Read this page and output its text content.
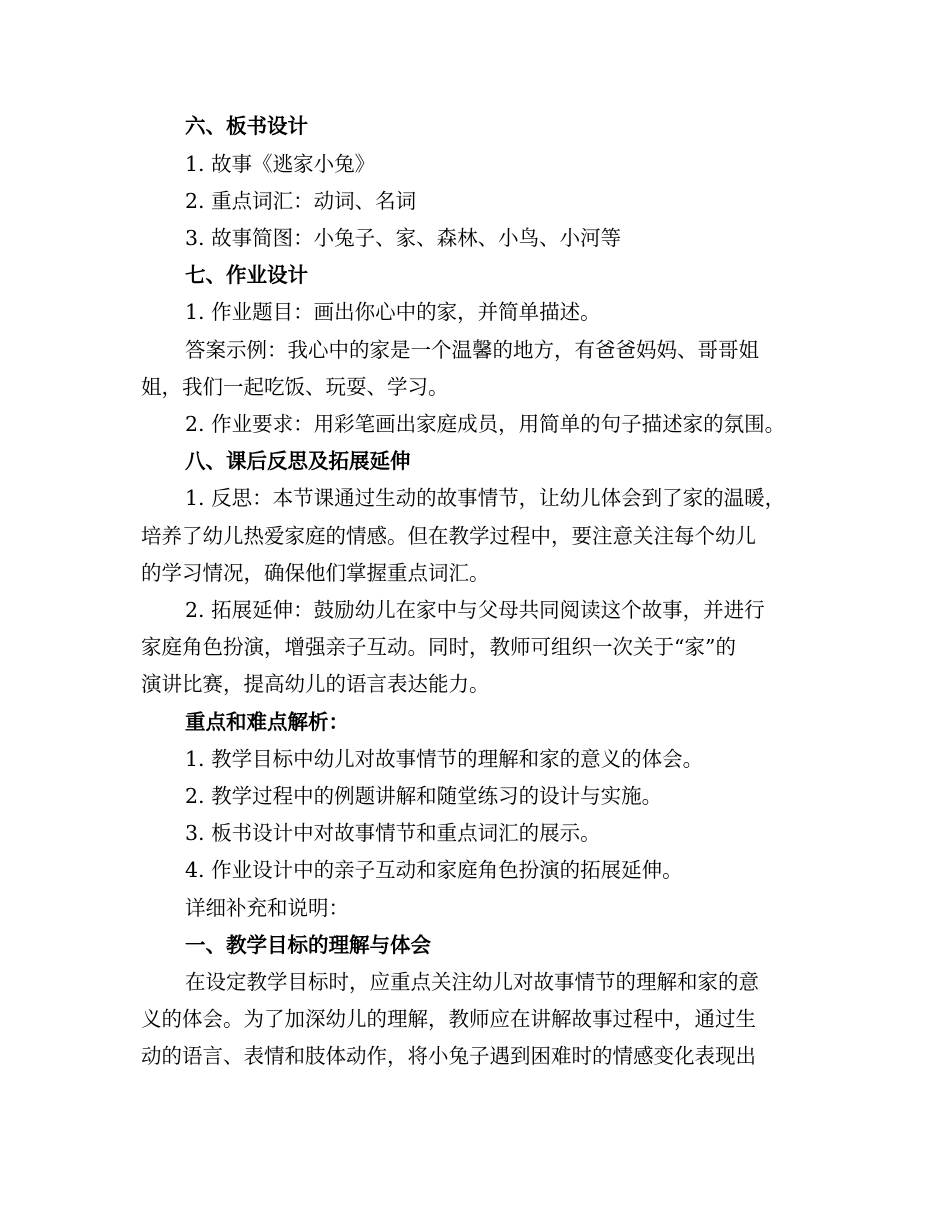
六、板书设计

1. 故事《逃家小兔》

2. 重点词汇：动词、名词

3. 故事简图：小兔子、家、森林、小鸟、小河等

七、作业设计

1. 作业题目：画出你心中的家，并简单描述。

答案示例：我心中的家是一个温馨的地方，有爸爸妈妈、哥哥姐

姐，我们一起吃饭、玩耍、学习。

2. 作业要求：用彩笔画出家庭成员，用简单的句子描述家的氛围。

八、课后反思及拓展延伸

1. 反思：本节课通过生动的故事情节，让幼儿体会到了家的温暖，

培养了幼儿热爱家庭的情感。但在教学过程中，要注意关注每个幼儿

的学习情况，确保他们掌握重点词汇。

2. 拓展延伸：鼓励幼儿在家中与父母共同阅读这个故事，并进行

家庭角色扮演，增强亲子互动。同时，教师可组织一次关于“家”的

演讲比赛，提高幼儿的语言表达能力。

重点和难点解析：

1. 教学目标中幼儿对故事情节的理解和家的意义的体会。

2. 教学过程中的例题讲解和随堂练习的设计与实施。

3. 板书设计中对故事情节和重点词汇的展示。

4. 作业设计中的亲子互动和家庭角色扮演的拓展延伸。

详细补充和说明：

一、教学目标的理解与体会

在设定教学目标时，应重点关注幼儿对故事情节的理解和家的意

义的体会。为了加深幼儿的理解，教师应在讲解故事过程中，通过生

动的语言、表情和肢体动作，将小兔子遇到困难时的情感变化表现出
